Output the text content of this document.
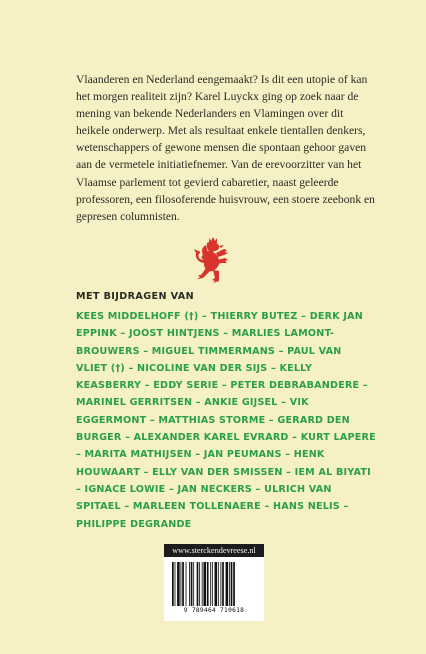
Vlaanderen en Nederland eengemaakt? Is dit een utopie of kan het morgen realiteit zijn? Karel Luyckx ging op zoek naar de mening van bekende Nederlanders en Vlamingen over dit heikele onderwerp. Met als resultaat enkele tientallen denkers, wetenschappers of gewone mensen die spontaan gehoor gaven aan de vermetele initiatiefnemer. Van de erevoorzitter van het Vlaamse parlement tot gevierd cabaretier, naast geleerde professoren, een filosoferende huisvrouw, een stoere zeebonk en gepresen columnisten.

MET BIJDRAGEN VAN

KEES MIDDELHOFF (†) – THIERRY BUTEZ – DERK JAN EPPINK – JOOST HINTJENS – MARLIES LAMONT-BROUWERS – MIGUEL TIMMERMANS – PAUL VAN VLIET (†) – NICOLINE VAN DER SIJS – KELLY KEASBERRY – EDDY SERIE – PETER DEBRABANDERE – MARINEL GERRITSEN – ANKIE GIJSEL – VIK EGGERMONT – MATTHIAS STORME – GERARD DEN BURGER – ALEXANDER KAREL EVRARD – KURT LAPERE – MARITA MATHIJSEN – JAN PEUMANS – HENK HOUWAART – ELLY VAN DER SMISSEN – IEM AL BIYATI – IGNACE LOWIE – JAN NECKERS – ULRICH VAN SPITAEL – MARLEEN TOLLENAERE – HANS NELIS – PHILIPPE DEGRANDE

www.sterckendevreese.nl
9 789464 710618
